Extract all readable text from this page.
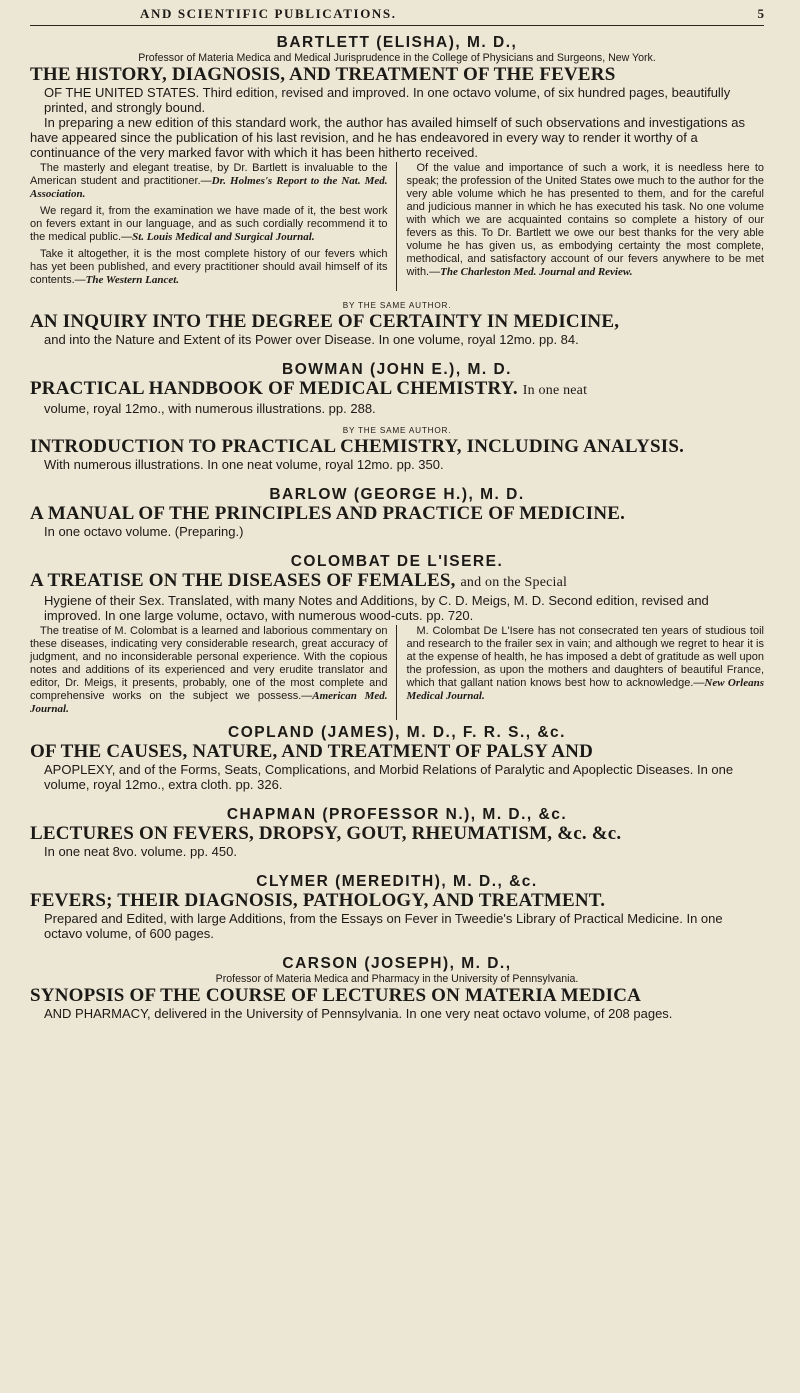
AND SCIENTIFIC PUBLICATIONS.	5
BARTLETT (ELISHA), M. D.,
Professor of Materia Medica and Medical Jurisprudence in the College of Physicians and Surgeons, New York.
THE HISTORY, DIAGNOSIS, AND TREATMENT OF THE FEVERS

OF THE UNITED STATES. Third edition, revised and improved. In one octavo volume, of six hundred pages, beautifully printed, and strongly bound.

In preparing a new edition of this standard work, the author has availed himself of such observations and investigations as have appeared since the publication of his last revision, and he has endeavored in every way to render it worthy of a continuance of the very marked favor with which it has been hitherto received.

The masterly and elegant treatise, by Dr. Bartlett is invaluable to the American student and practitioner.—Dr. Holmes's Report to the Nat. Med. Association.

We regard it, from the examination we have made of it, the best work on fevers extant in our language, and as such cordially recommend it to the medical public.—St. Louis Medical and Surgical Journal.

Take it altogether, it is the most complete history of our fevers which has yet been published, and every practitioner should avail himself of its contents.—The Western Lancet.

Of the value and importance of such a work, it is needless here to speak; the profession of the United States owe much to the author for the very able volume which he has presented to them, and for the careful and judicious manner in which he has executed his task. No one volume with which we are acquainted contains so complete a history of our fevers as this. To Dr. Bartlett we owe our best thanks for the very able volume he has given us, as embodying certainty the most complete, methodical, and satisfactory account of our fevers anywhere to be met with.—The Charleston Med. Journal and Review.

BY THE SAME AUTHOR.
AN INQUIRY INTO THE DEGREE OF CERTAINTY IN MEDICINE,

and into the Nature and Extent of its Power over Disease. In one volume, royal 12mo. pp. 84.

BOWMAN (JOHN E.), M. D.
PRACTICAL HANDBOOK OF MEDICAL CHEMISTRY. In one neat

volume, royal 12mo., with numerous illustrations. pp. 288.

BY THE SAME AUTHOR.
INTRODUCTION TO PRACTICAL CHEMISTRY, INCLUDING ANALYSIS.

With numerous illustrations. In one neat volume, royal 12mo. pp. 350.

BARLOW (GEORGE H.), M. D.
A MANUAL OF THE PRINCIPLES AND PRACTICE OF MEDICINE.

In one octavo volume. (Preparing.)

COLOMBAT DE L'ISERE.
A TREATISE ON THE DISEASES OF FEMALES, and on the Special

Hygiene of their Sex. Translated, with many Notes and Additions, by C. D. Meigs, M. D. Second edition, revised and improved. In one large volume, octavo, with numerous wood-cuts. pp. 720.

The treatise of M. Colombat is a learned and laborious commentary on these diseases, indicating very considerable research, great accuracy of judgment, and no inconsiderable personal experience. With the copious notes and additions of its experienced and very erudite translator and editor, Dr. Meigs, it presents, probably, one of the most complete and comprehensive works on the subject we possess.—American Med. Journal.

M. Colombat De L'Isere has not consecrated ten years of studious toil and research to the frailer sex in vain; and although we regret to hear it is at the expense of health, he has imposed a debt of gratitude as well upon the profession, as upon the mothers and daughters of beautiful France, which that gallant nation knows best how to acknowledge.—New Orleans Medical Journal.

COPLAND (JAMES), M. D., F. R. S., &c.
OF THE CAUSES, NATURE, AND TREATMENT OF PALSY AND

APOPLEXY, and of the Forms, Seats, Complications, and Morbid Relations of Paralytic and Apoplectic Diseases. In one volume, royal 12mo., extra cloth. pp. 326.

CHAPMAN (PROFESSOR N.), M. D., &c.
LECTURES ON FEVERS, DROPSY, GOUT, RHEUMATISM, &c. &c.

In one neat 8vo. volume. pp. 450.

CLYMER (MEREDITH), M. D., &c.
FEVERS; THEIR DIAGNOSIS, PATHOLOGY, AND TREATMENT.

Prepared and Edited, with large Additions, from the Essays on Fever in Tweedie's Library of Practical Medicine. In one octavo volume, of 600 pages.

CARSON (JOSEPH), M. D.,
Professor of Materia Medica and Pharmacy in the University of Pennsylvania.
SYNOPSIS OF THE COURSE OF LECTURES ON MATERIA MEDICA

AND PHARMACY, delivered in the University of Pennsylvania. In one very neat octavo volume, of 208 pages.
